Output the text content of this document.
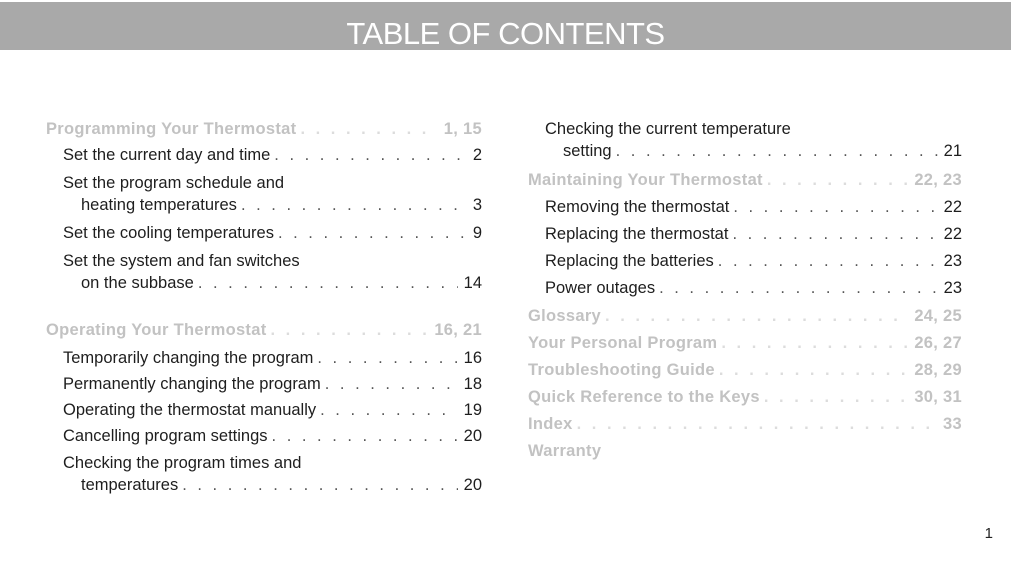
TABLE OF CONTENTS
Programming Your Thermostat . . .	1, 15
Set the current day and time . . .	2
Set the program schedule and
heating temperatures . . .	3
Set the cooling temperatures . . .	9
Set the system and fan switches
on the subbase . . .	14
Operating Your Thermostat . . .	16, 21
Temporarily changing the program . . .	16
Permanently changing the program . . .	18
Operating the thermostat manually . . .	19
Cancelling program settings . . .	20
Checking the program times and
temperatures . . .	20
Checking the current temperature
setting . . .	21
Maintaining Your Thermostat . . .	22, 23
Removing the thermostat . . .	22
Replacing the thermostat . . .	22
Replacing the batteries . . .	23
Power outages . . .	23
Glossary . . .	24, 25
Your Personal Program . . .	26, 27
Troubleshooting Guide . . .	28, 29
Quick Reference to the Keys . . .	30, 31
Index . . .	33
Warranty
1
